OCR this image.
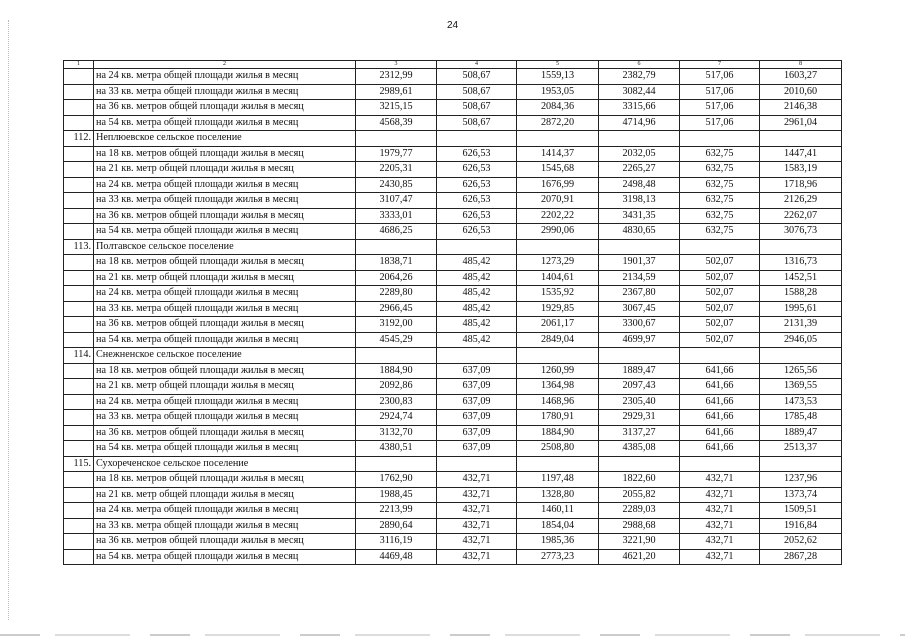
24
1	2	3	4	5	6	7	8
	на 24 кв. метра общей площади жилья в месяц	2312,99	508,67	1559,13	2382,79	517,06	1603,27
	на 33 кв. метра общей площади жилья в месяц	2989,61	508,67	1953,05	3082,44	517,06	2010,60
	на 36 кв. метров общей площади жилья в месяц	3215,15	508,67	2084,36	3315,66	517,06	2146,38
	на 54 кв. метра общей площади жилья в месяц	4568,39	508,67	2872,20	4714,96	517,06	2961,04
112.	Неплюевское сельское поселение						
	на 18 кв. метров общей площади жилья в месяц	1979,77	626,53	1414,37	2032,05	632,75	1447,41
	на 21 кв. метр общей площади жилья в месяц	2205,31	626,53	1545,68	2265,27	632,75	1583,19
	на 24 кв. метра общей площади жилья в месяц	2430,85	626,53	1676,99	2498,48	632,75	1718,96
	на 33 кв. метра общей площади жилья в месяц	3107,47	626,53	2070,91	3198,13	632,75	2126,29
	на 36 кв. метров общей площади жилья в месяц	3333,01	626,53	2202,22	3431,35	632,75	2262,07
	на 54 кв. метра общей площади жилья в месяц	4686,25	626,53	2990,06	4830,65	632,75	3076,73
113.	Полтавское сельское поселение						
	на 18 кв. метров общей площади жилья в месяц	1838,71	485,42	1273,29	1901,37	502,07	1316,73
	на 21 кв. метр общей площади жилья в месяц	2064,26	485,42	1404,61	2134,59	502,07	1452,51
	на 24 кв. метра общей площади жилья в месяц	2289,80	485,42	1535,92	2367,80	502,07	1588,28
	на 33 кв. метра общей площади жилья в месяц	2966,45	485,42	1929,85	3067,45	502,07	1995,61
	на 36 кв. метров общей площади жилья в месяц	3192,00	485,42	2061,17	3300,67	502,07	2131,39
	на 54 кв. метра общей площади жилья в месяц	4545,29	485,42	2849,04	4699,97	502,07	2946,05
114.	Снежненское сельское поселение						
	на 18 кв. метров общей площади жилья в месяц	1884,90	637,09	1260,99	1889,47	641,66	1265,56
	на 21 кв. метр общей площади жилья в месяц	2092,86	637,09	1364,98	2097,43	641,66	1369,55
	на 24 кв. метра общей площади жилья в месяц	2300,83	637,09	1468,96	2305,40	641,66	1473,53
	на 33 кв. метра общей площади жилья в месяц	2924,74	637,09	1780,91	2929,31	641,66	1785,48
	на 36 кв. метров общей площади жилья в месяц	3132,70	637,09	1884,90	3137,27	641,66	1889,47
	на 54 кв. метра общей площади жилья в месяц	4380,51	637,09	2508,80	4385,08	641,66	2513,37
115.	Сухореченское сельское поселение						
	на 18 кв. метров общей площади жилья в месяц	1762,90	432,71	1197,48	1822,60	432,71	1237,96
	на 21 кв. метр общей площади жилья в месяц	1988,45	432,71	1328,80	2055,82	432,71	1373,74
	на 24 кв. метра общей площади жилья в месяц	2213,99	432,71	1460,11	2289,03	432,71	1509,51
	на 33 кв. метра общей площади жилья в месяц	2890,64	432,71	1854,04	2988,68	432,71	1916,84
	на 36 кв. метров общей площади жилья в месяц	3116,19	432,71	1985,36	3221,90	432,71	2052,62
	на 54 кв. метра общей площади жилья в месяц	4469,48	432,71	2773,23	4621,20	432,71	2867,28
